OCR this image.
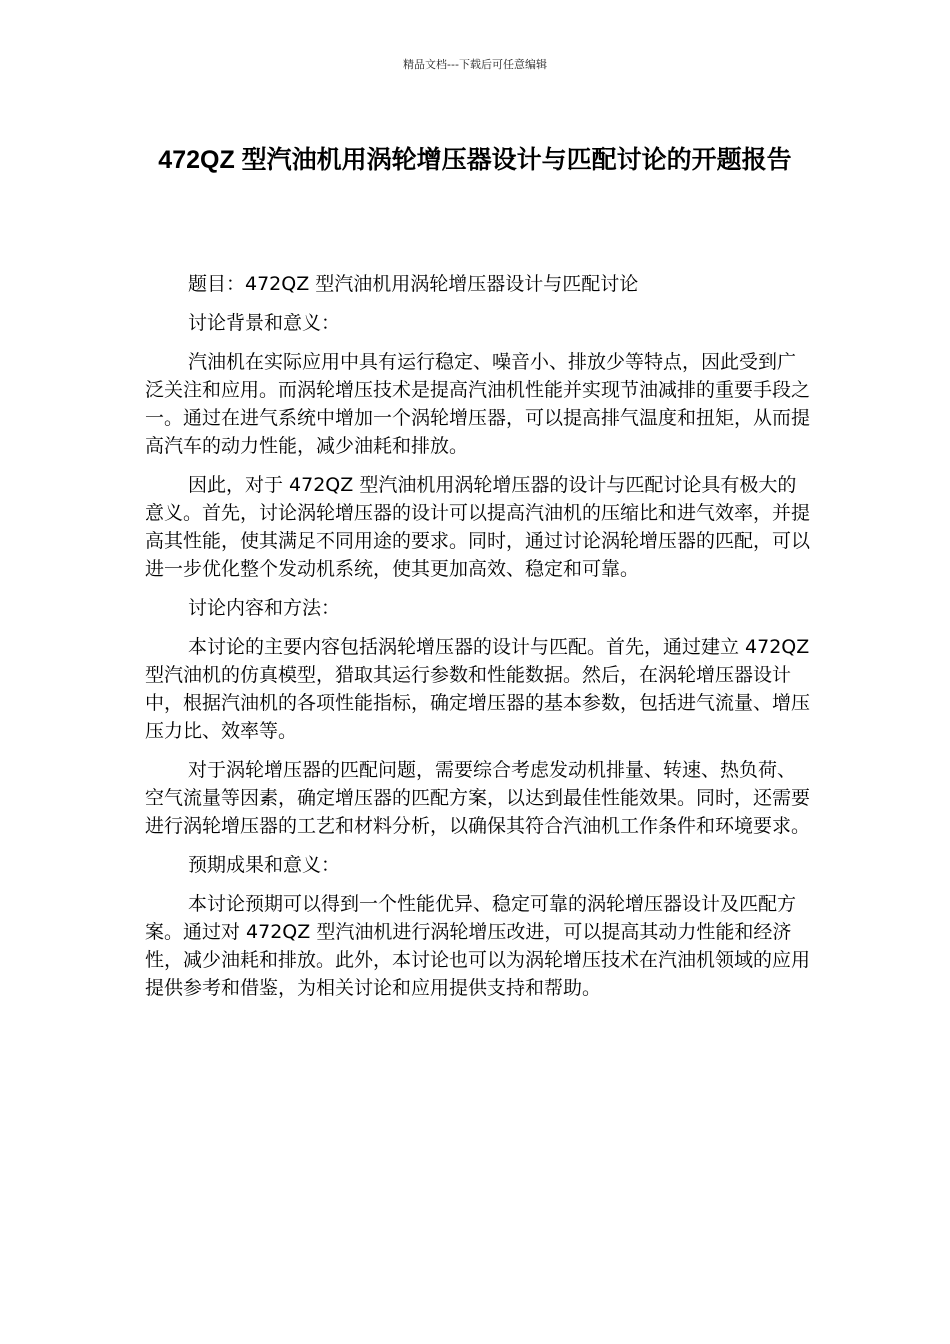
精品文档---下载后可任意编辑
472QZ 型汽油机用涡轮增压器设计与匹配讨论的开题报告

题目：472QZ 型汽油机用涡轮增压器设计与匹配讨论

讨论背景和意义：

汽油机在实际应用中具有运行稳定、噪音小、排放少等特点，因此受到广泛关注和应用。而涡轮增压技术是提高汽油机性能并实现节油减排的重要手段之一。通过在进气系统中增加一个涡轮增压器，可以提高排气温度和扭矩，从而提高汽车的动力性能，减少油耗和排放。

因此，对于 472QZ 型汽油机用涡轮增压器的设计与匹配讨论具有极大的意义。首先，讨论涡轮增压器的设计可以提高汽油机的压缩比和进气效率，并提高其性能，使其满足不同用途的要求。同时，通过讨论涡轮增压器的匹配，可以进一步优化整个发动机系统，使其更加高效、稳定和可靠。

讨论内容和方法：

本讨论的主要内容包括涡轮增压器的设计与匹配。首先，通过建立 472QZ 型汽油机的仿真模型，猎取其运行参数和性能数据。然后，在涡轮增压器设计中，根据汽油机的各项性能指标，确定增压器的基本参数，包括进气流量、增压压力比、效率等。

对于涡轮增压器的匹配问题，需要综合考虑发动机排量、转速、热负荷、空气流量等因素，确定增压器的匹配方案，以达到最佳性能效果。同时，还需要进行涡轮增压器的工艺和材料分析，以确保其符合汽油机工作条件和环境要求。

预期成果和意义：

本讨论预期可以得到一个性能优异、稳定可靠的涡轮增压器设计及匹配方案。通过对 472QZ 型汽油机进行涡轮增压改进，可以提高其动力性能和经济性，减少油耗和排放。此外，本讨论也可以为涡轮增压技术在汽油机领域的应用提供参考和借鉴，为相关讨论和应用提供支持和帮助。
